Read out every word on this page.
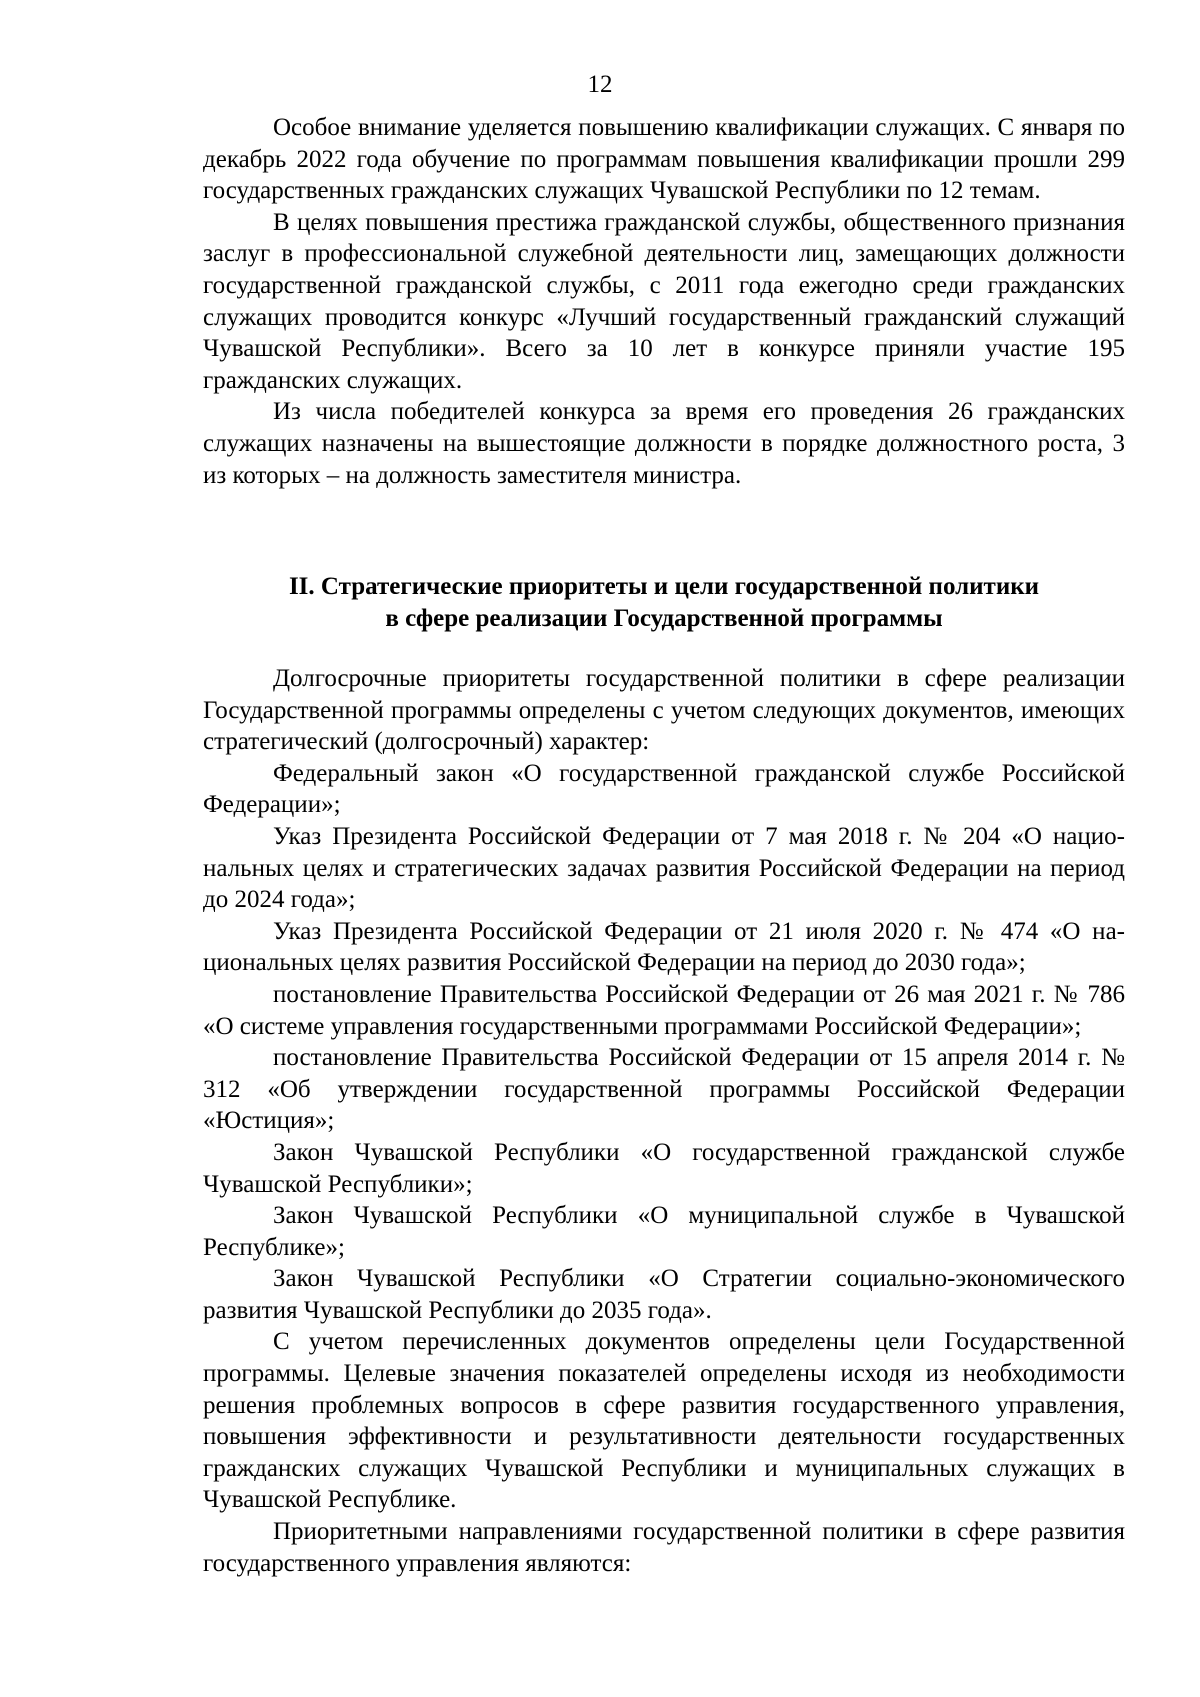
12

Особое внимание уделяется повышению квалификации служащих. С января по декабрь 2022 года обучение по программам повышения квалификации прошли 299 государственных гражданских служащих Чувашской Республики по 12 темам.

В целях повышения престижа гражданской службы, общественного признания заслуг в профессиональной служебной деятельности лиц, замещающих должности государственной гражданской службы, с 2011 года ежегодно среди гражданских служащих проводится конкурс «Лучший государственный гражданский служащий Чувашской Республики». Всего за 10 лет в конкурсе приняли участие 195 гражданских служащих.

Из числа победителей конкурса за время его проведения 26 гражданских служащих назначены на вышестоящие должности в порядке должностного роста, 3 из которых – на должность заместителя министра.

II. Стратегические приоритеты и цели государственной политики
в сфере реализации Государственной программы

Долгосрочные приоритеты государственной политики в сфере реализации Государственной программы определены с учетом следующих документов, имеющих стратегический (долгосрочный) характер:

Федеральный закон «О государственной гражданской службе Российской Федерации»;

Указ Президента Российской Федерации от 7 мая 2018 г. № 204 «О национальных целях и стратегических задачах развития Российской Федерации на период до 2024 года»;

Указ Президента Российской Федерации от 21 июля 2020 г. № 474 «О национальных целях развития Российской Федерации на период до 2030 года»;

постановление Правительства Российской Федерации от 26 мая 2021 г. № 786 «О системе управления государственными программами Российской Федерации»;

постановление Правительства Российской Федерации от 15 апреля 2014 г. № 312 «Об утверждении государственной программы Российской Федерации «Юстиция»;

Закон Чувашской Республики «О государственной гражданской службе Чувашской Республики»;

Закон Чувашской Республики «О муниципальной службе в Чувашской Республике»;

Закон Чувашской Республики «О Стратегии социально-экономического развития Чувашской Республики до 2035 года».

С учетом перечисленных документов определены цели Государственной программы. Целевые значения показателей определены исходя из необходимости решения проблемных вопросов в сфере развития государственного управления, повышения эффективности и результативности деятельности государственных гражданских служащих Чувашской Республики и муниципальных служащих в Чувашской Республике.

Приоритетными направлениями государственной политики в сфере развития государственного управления являются:
